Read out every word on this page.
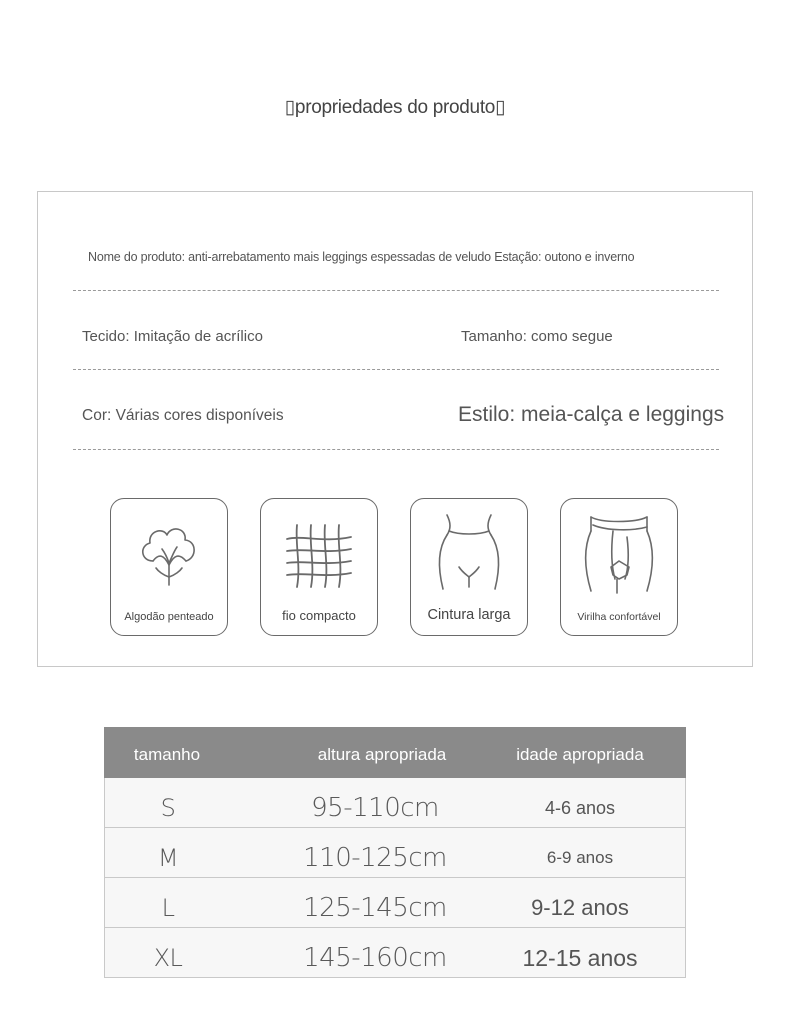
▯propriedades do produto▯
Nome do produto: anti-arrebatamento mais leggings espessadas de veludo Estação: outono e inverno
Tecido: Imitação de acrílico	Tamanho: como segue
Cor: Várias cores disponíveis	Estilo: meia-calça e leggings
Algodão penteado	fio compacto	Cintura larga	Virilha confortável
tamanho	altura apropriada	idade apropriada
S	95-110cm	4-6 anos
M	110-125cm	6-9 anos
L	125-145cm	9-12 anos
XL	145-160cm	12-15 anos
